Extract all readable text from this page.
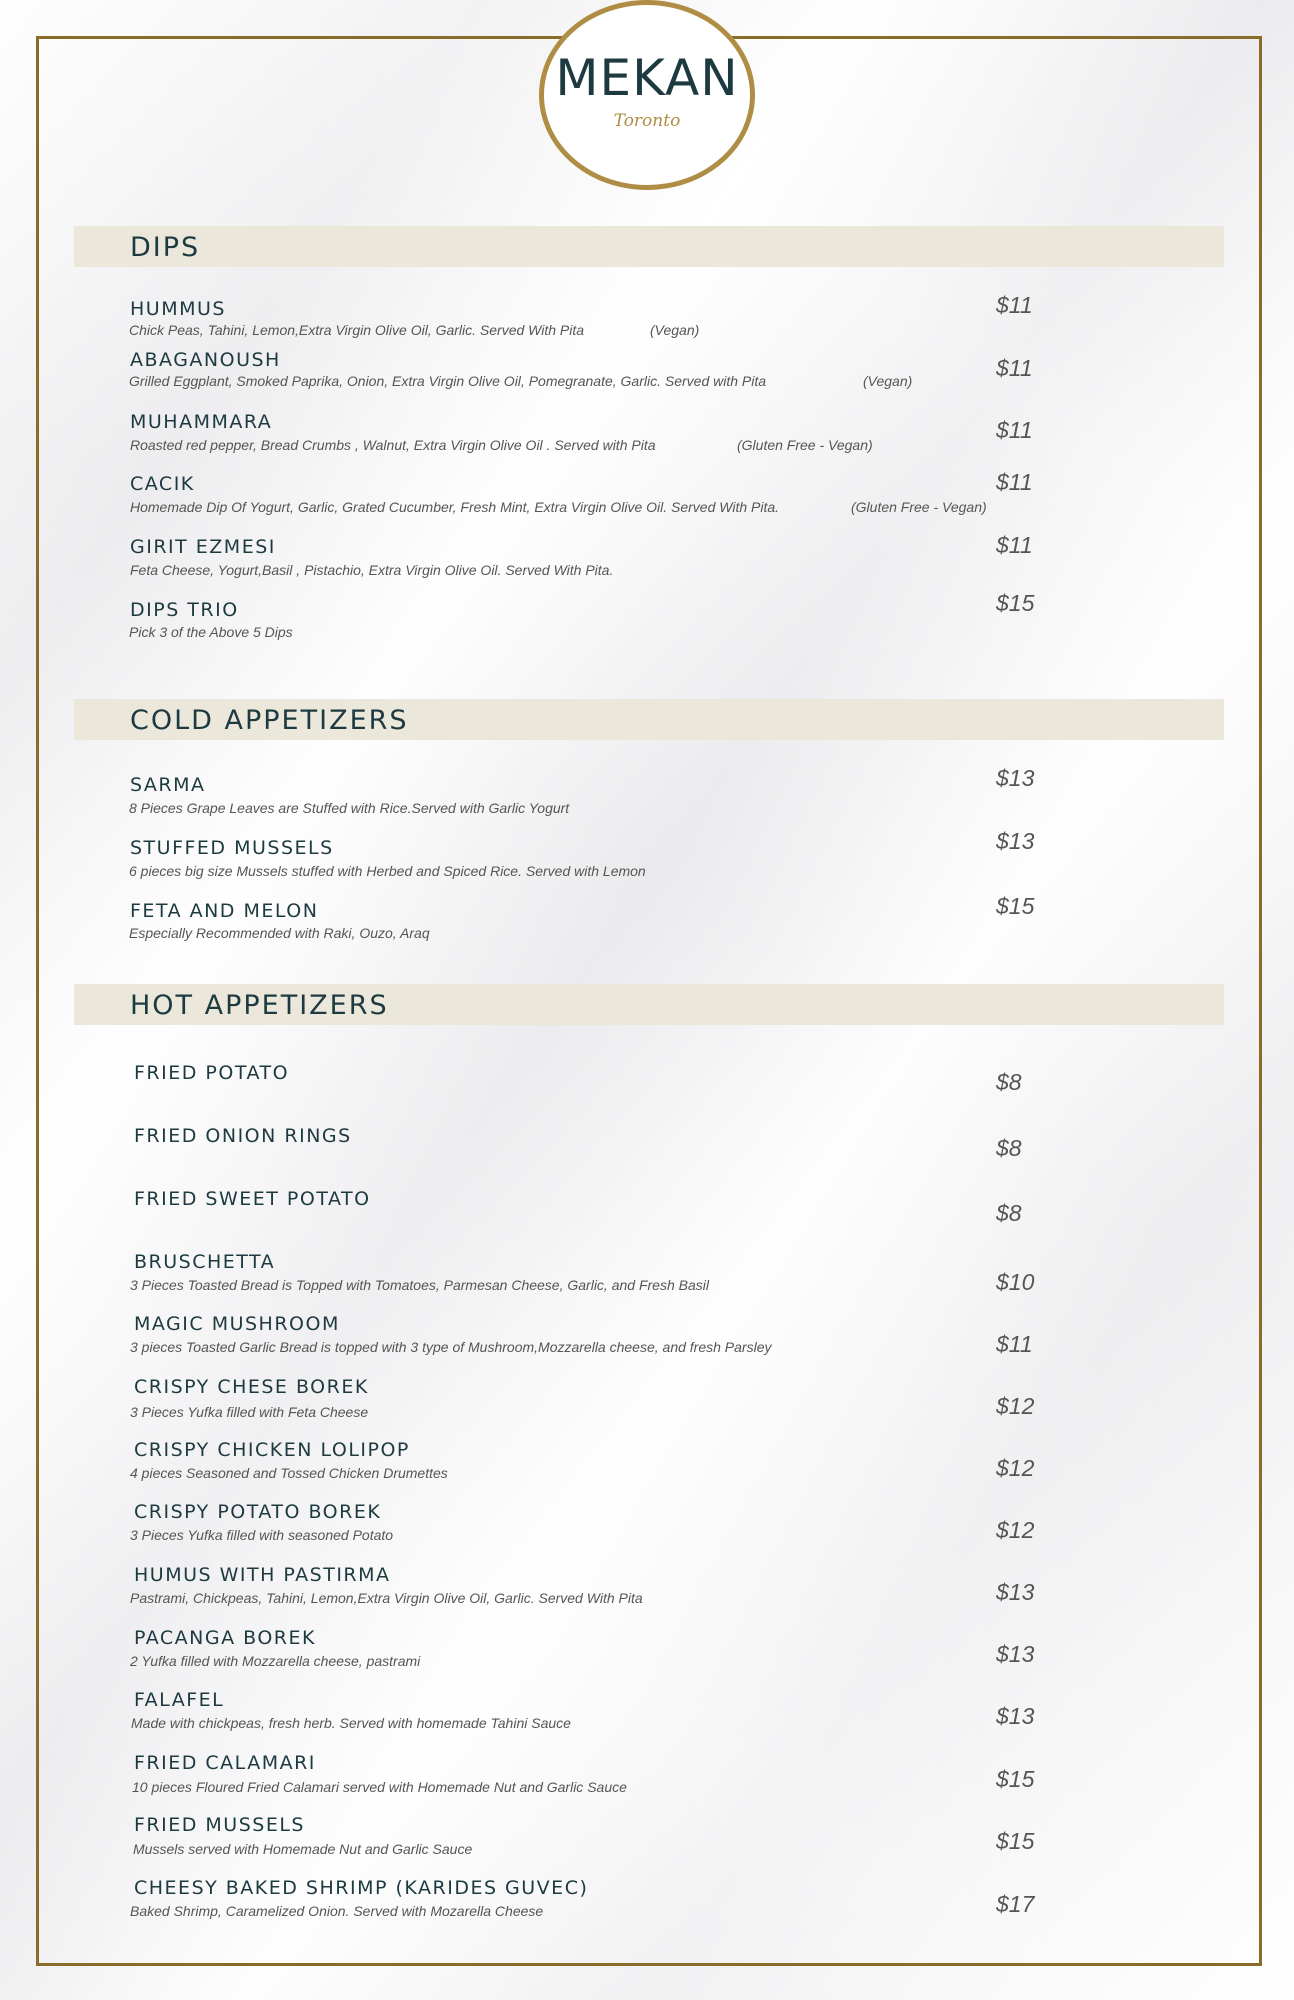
MEKAN
Toronto
DIPS
HUMMUS
Chick Peas, Tahini, Lemon,Extra Virgin Olive Oil, Garlic. Served With Pita	(Vegan)
$11
ABAGANOUSH
Grilled Eggplant, Smoked Paprika, Onion, Extra Virgin Olive Oil, Pomegranate, Garlic. Served with Pita	(Vegan)	$11
MUHAMMARA
Roasted red pepper, Bread Crumbs , Walnut, Extra Virgin Olive Oil . Served with Pita	(Gluten Free - Vegan)
$11
CACIK
Homemade Dip Of Yogurt, Garlic, Grated Cucumber, Fresh Mint, Extra Virgin Olive Oil. Served With Pita.	(Gluten Free - Vegan)
$11
GIRIT EZMESI
Feta Cheese, Yogurt,Basil , Pistachio, Extra Virgin Olive Oil. Served With Pita.
$11
DIPS TRIO
Pick 3 of the Above 5 Dips
$15
COLD APPETIZERS
SARMA
8 Pieces Grape Leaves are Stuffed with Rice.Served with Garlic Yogurt
$13
STUFFED MUSSELS
6 pieces big size Mussels stuffed with Herbed and Spiced Rice. Served with Lemon
$13
FETA AND MELON
Especially Recommended with Raki, Ouzo, Araq
$15
HOT APPETIZERS
FRIED POTATO	$8
FRIED ONION RINGS	$8
FRIED SWEET POTATO
$8
BRUSCHETTA
3 Pieces Toasted Bread is Topped with Tomatoes, Parmesan Cheese, Garlic, and Fresh Basil	$10
MAGIC MUSHROOM
3 pieces Toasted Garlic Bread is topped with 3 type of Mushroom,Mozzarella cheese, and fresh Parsley	$11
CRISPY CHESE BOREK
3 Pieces Yufka filled with Feta Cheese	$12
CRISPY CHICKEN LOLIPOP
4 pieces Seasoned and Tossed Chicken Drumettes	$12
CRISPY POTATO BOREK
3 Pieces Yufka filled with seasoned Potato	$12
HUMUS WITH PASTIRMA
Pastrami, Chickpeas, Tahini, Lemon,Extra Virgin Olive Oil, Garlic. Served With Pita	$13
PACANGA BOREK
2 Yufka filled with Mozzarella cheese, pastrami	$13
FALAFEL
Made with chickpeas, fresh herb. Served with homemade Tahini Sauce	$13
FRIED CALAMARI
10 pieces Floured Fried Calamari served with Homemade Nut and Garlic Sauce	$15
FRIED MUSSELS
Mussels served with Homemade Nut and Garlic Sauce	$15
CHEESY BAKED SHRIMP (KARIDES GUVEC)
Baked Shrimp, Caramelized Onion. Served with Mozarella Cheese	$17
